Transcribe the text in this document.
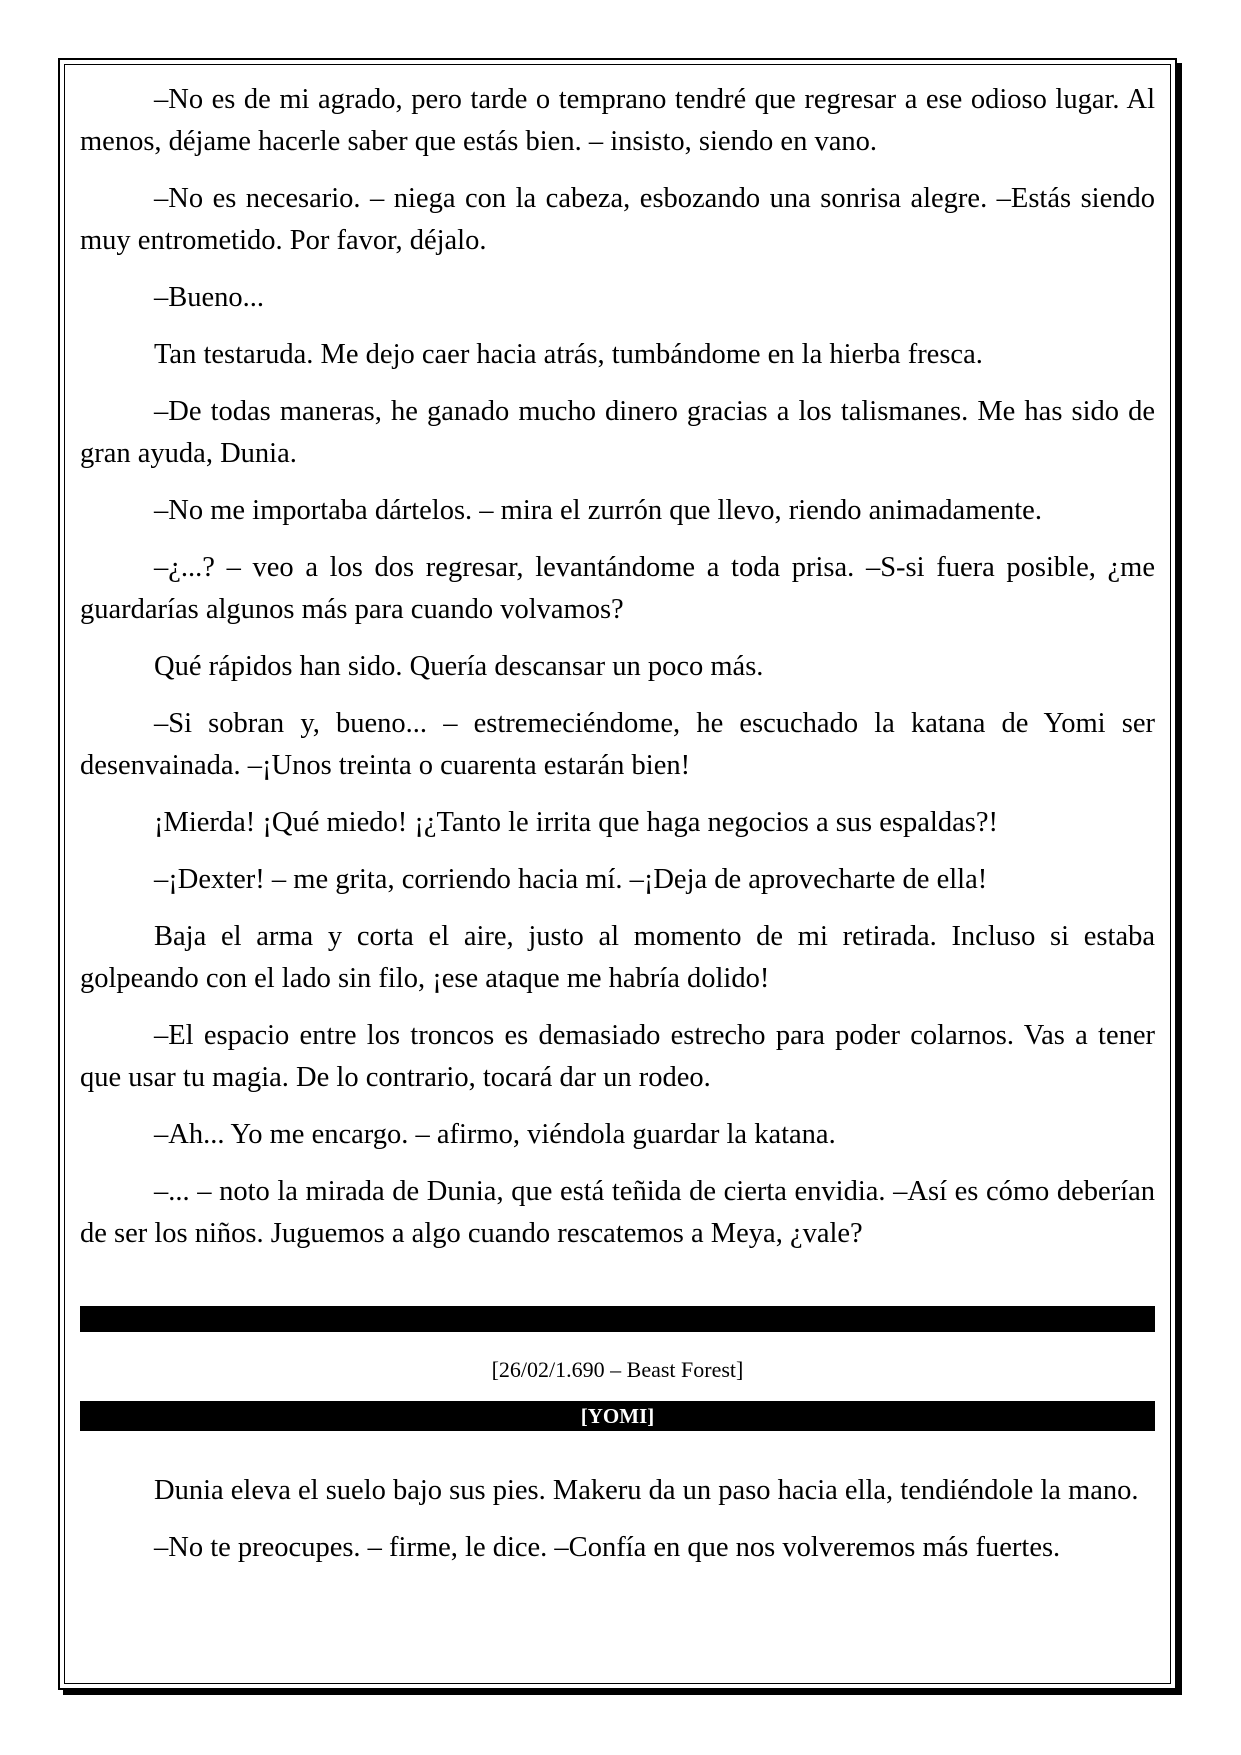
–No es de mi agrado, pero tarde o temprano tendré que regresar a ese odioso lugar. Al menos, déjame hacerle saber que estás bien. – insisto, siendo en vano.

–No es necesario. – niega con la cabeza, esbozando una sonrisa alegre. –Estás siendo muy entrometido. Por favor, déjalo.

–Bueno...

Tan testaruda. Me dejo caer hacia atrás, tumbándome en la hierba fresca.

–De todas maneras, he ganado mucho dinero gracias a los talismanes. Me has sido de gran ayuda, Dunia.

–No me importaba dártelos. – mira el zurrón que llevo, riendo animadamente.

–¿...? – veo a los dos regresar, levantándome a toda prisa. –S-si fuera posible, ¿me guardarías algunos más para cuando volvamos?

Qué rápidos han sido. Quería descansar un poco más.

–Si sobran y, bueno... – estremeciéndome, he escuchado la katana de Yomi ser desenvainada. –¡Unos treinta o cuarenta estarán bien!

¡Mierda! ¡Qué miedo! ¡¿Tanto le irrita que haga negocios a sus espaldas?!

–¡Dexter! – me grita, corriendo hacia mí. –¡Deja de aprovecharte de ella!

Baja el arma y corta el aire, justo al momento de mi retirada. Incluso si estaba golpeando con el lado sin filo, ¡ese ataque me habría dolido!

–El espacio entre los troncos es demasiado estrecho para poder colarnos. Vas a tener que usar tu magia. De lo contrario, tocará dar un rodeo.

–Ah... Yo me encargo. – afirmo, viéndola guardar la katana.

–... – noto la mirada de Dunia, que está teñida de cierta envidia. –Así es cómo deberían de ser los niños. Juguemos a algo cuando rescatemos a Meya, ¿vale?

[26/02/1.690 – Beast Forest]
[YOMI]

Dunia eleva el suelo bajo sus pies. Makeru da un paso hacia ella, tendiéndole la mano.

–No te preocupes. – firme, le dice. –Confía en que nos volveremos más fuertes.
